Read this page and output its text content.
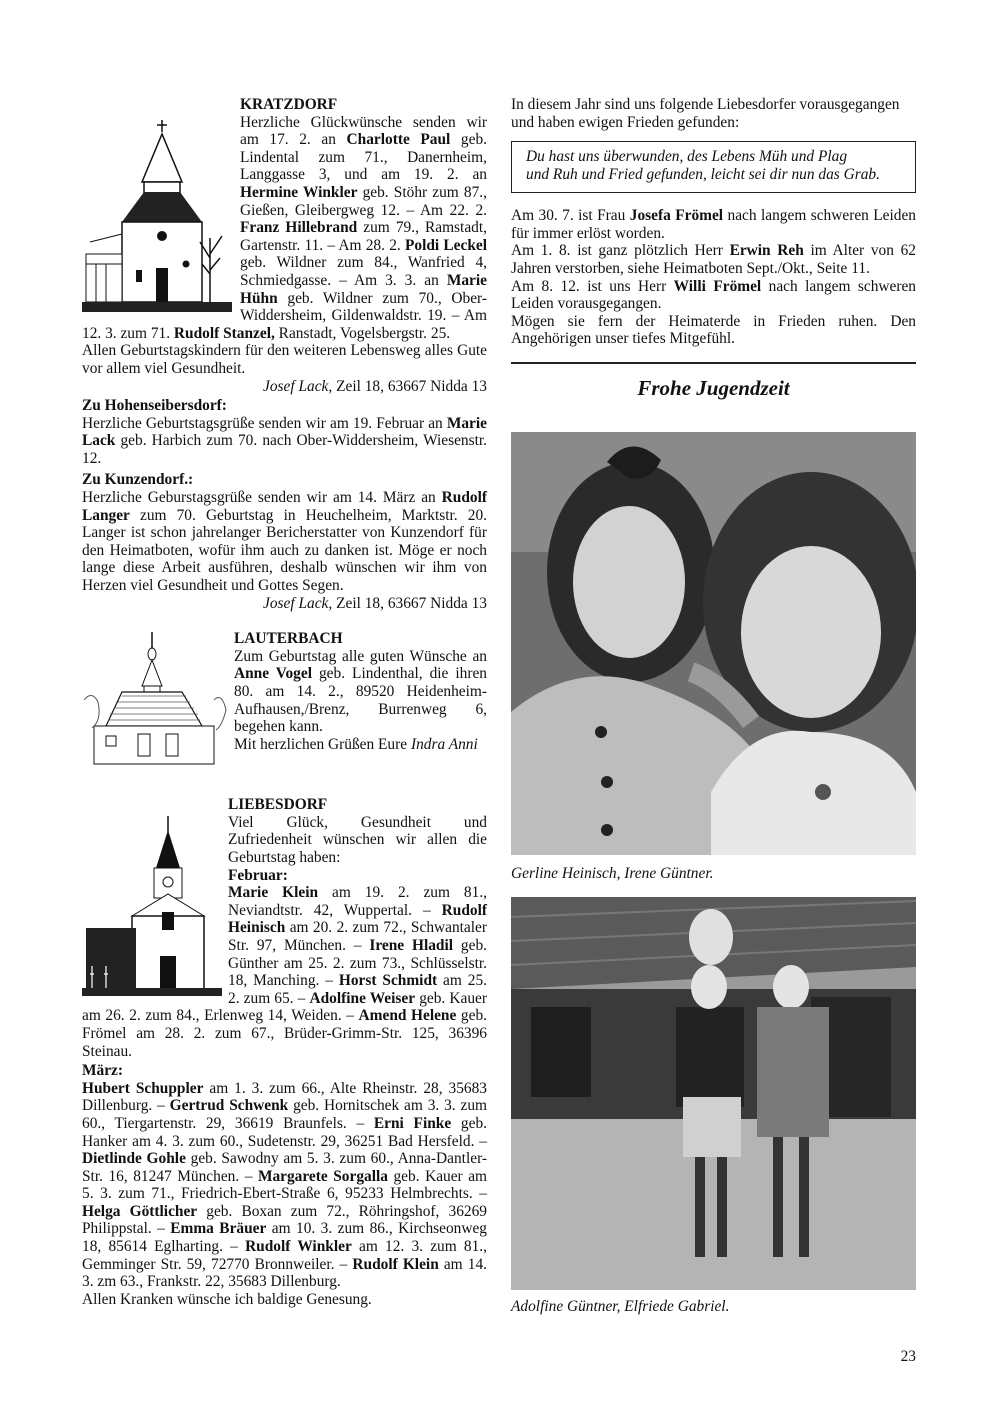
KRATZDORF

Herzliche Glückwünsche senden wir am 17. 2. an Charlotte Paul geb. Lindental zum 71., Danernheim, Langgasse 3, und am 19. 2. an Hermine Winkler geb. Stöhr zum 87., Gießen, Gleibergweg 12. – Am 22. 2. Franz Hillebrand zum 79., Ramstadt, Gartenstr. 11. – Am 28. 2. Poldi Leckel geb. Wildner zum 84., Wanfried 4, Schmiedgasse. – Am 3. 3. an Marie Hühn geb. Wildner zum 70., Ober-Widdersheim, Gildenwaldstr. 19. – Am 12. 3. zum 71. Rudolf Stanzel, Ranstadt, Vogelsbergstr. 25.

Allen Geburtstagskindern für den weiteren Lebensweg alles Gute vor allem viel Gesundheit.

Josef Lack, Zeil 18, 63667 Nidda 13

Zu Hohenseibersdorf:

Herzliche Geburtstagsgrüße senden wir am 19. Februar an Marie Lack geb. Harbich zum 70. nach Ober-Widdersheim, Wiesenstr. 12.

Zu Kunzendorf.:

Herzliche Geburstagsgrüße senden wir am 14. März an Rudolf Langer zum 70. Geburtstag in Heuchelheim, Marktstr. 20. Langer ist schon jahrelanger Bericherstatter von Kunzendorf für den Heimatboten, wofür ihm auch zu danken ist. Möge er noch lange diese Arbeit ausführen, deshalb wünschen wir ihm von Herzen viel Gesundheit und Gottes Segen.

Josef Lack, Zeil 18, 63667 Nidda 13

LAUTERBACH

Zum Geburtstag alle guten Wünsche an Anne Vogel geb. Lindenthal, die ihren 80. am 14. 2., 89520 Heidenheim-Aufhausen,/Brenz, Burrenweg 6, begehen kann.

Mit herzlichen Grüßen Eure Indra Anni

LIEBESDORF

Viel Glück, Gesundheit und Zufriedenheit wünschen wir allen die Geburtstag haben:

Februar:

Marie Klein am 19. 2. zum 81., Neviandtstr. 42, Wuppertal. – Rudolf Heinisch am 20. 2. zum 72., Schwantaler Str. 97, München. – Irene Hladil geb. Günther am 25. 2. zum 73., Schlüsselstr. 18, Manching. – Horst Schmidt am 25. 2. zum 65. – Adolfine Weiser geb. Kauer am 26. 2. zum 84., Erlenweg 14, Weiden. – Amend Helene geb. Frömel am 28. 2. zum 67., Brüder-Grimm-Str. 125, 36396 Steinau.

März:

Hubert Schuppler am 1. 3. zum 66., Alte Rheinstr. 28, 35683 Dillenburg. – Gertrud Schwenk geb. Hornitschek am 3. 3. zum 60., Tiergartenstr. 29, 36619 Braunfels. – Erni Finke geb. Hanker am 4. 3. zum 60., Sudetenstr. 29, 36251 Bad Hersfeld. – Dietlinde Gohle geb. Sawodny am 5. 3. zum 60., Anna-Dantler-Str. 16, 81247 München. – Margarete Sorgalla geb. Kauer am 5. 3. zum 71., Friedrich-Ebert-Straße 6, 95233 Helmbrechts. – Helga Göttlicher geb. Boxan zum 72., Röhringshof, 36269 Philippstal. – Emma Bräuer am 10. 3. zum 86., Kirchseonweg 18, 85614 Eglharting. – Rudolf Winkler am 12. 3. zum 81., Gemminger Str. 59, 72770 Bronnweiler. – Rudolf Klein am 14. 3. zm 63., Frankstr. 22, 35683 Dillenburg.

Allen Kranken wünsche ich baldige Genesung.

In diesem Jahr sind uns folgende Liebesdorfer vorausgegangen und haben ewigen Frieden gefunden:

Du hast uns überwunden, des Lebens Müh und Plag
und Ruh und Fried gefunden, leicht sei dir nun das Grab.

Am 30. 7. ist Frau Josefa Frömel nach langem schweren Leiden für immer erlöst worden.

Am 1. 8. ist ganz plötzlich Herr Erwin Reh im Alter von 62 Jahren verstorben, siehe Heimatboten Sept./Okt., Seite 11.

Am 8. 12. ist uns Herr Willi Frömel nach langem schweren Leiden vorausgegangen.

Mögen sie fern der Heimaterde in Frieden ruhen. Den Angehörigen unser tiefes Mitgefühl.

Frohe Jugendzeit
Gerline Heinisch, Irene Güntner.
Adolfine Güntner, Elfriede Gabriel.
23
